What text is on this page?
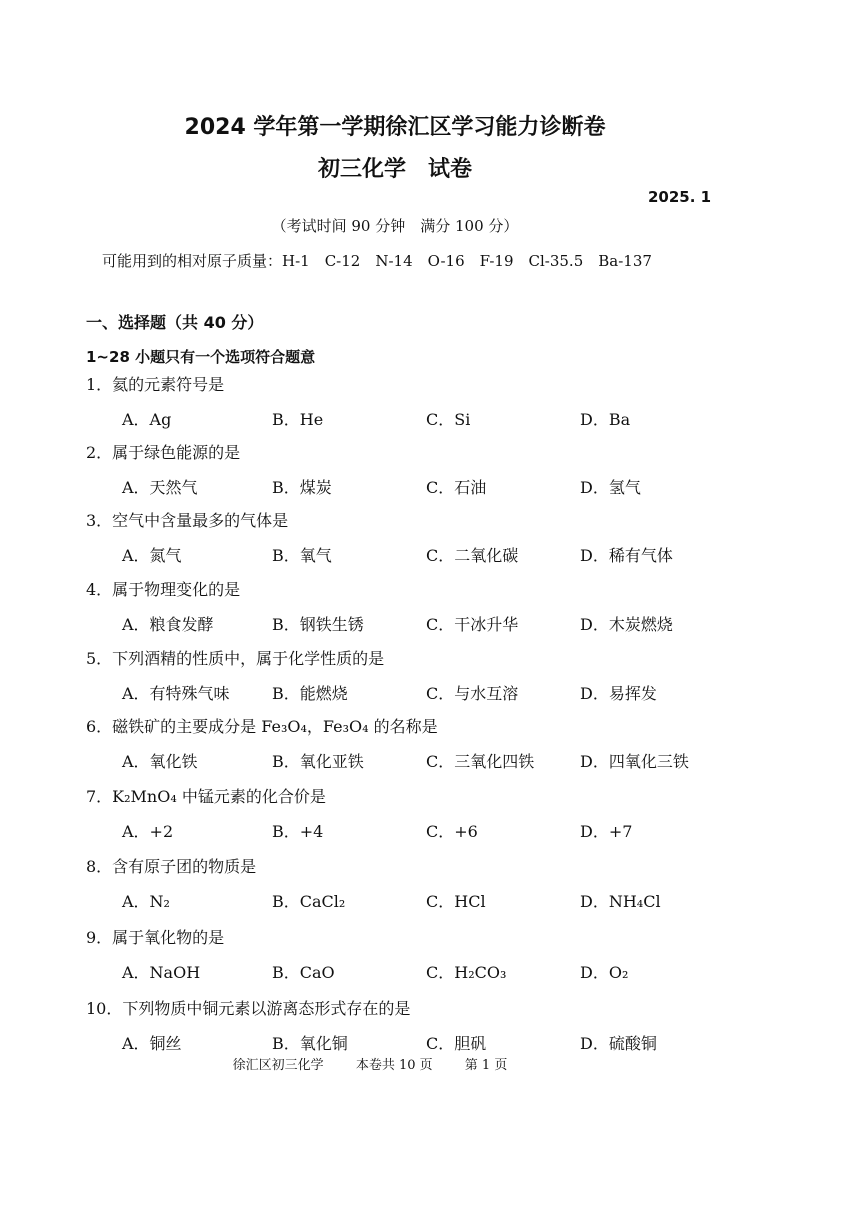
2024 学年第一学期徐汇区学习能力诊断卷
初三化学　试卷
2025. 1
（考试时间 90 分钟　满分 100 分）
可能用到的相对原子质量：H-1　C-12　N-14　O-16　F-19　Cl-35.5　Ba-137
一、选择题（共 40 分）
1~28 小题只有一个选项符合题意
1．氦的元素符号是
A．Ag	B．He	C．Si	D．Ba
2．属于绿色能源的是
A．天然气	B．煤炭	C．石油	D．氢气
3．空气中含量最多的气体是
A．氮气	B．氧气	C．二氧化碳	D．稀有气体
4．属于物理变化的是
A．粮食发酵	B．钢铁生锈	C．干冰升华	D．木炭燃烧
5．下列酒精的性质中，属于化学性质的是
A．有特殊气味	B．能燃烧	C．与水互溶	D．易挥发
6．磁铁矿的主要成分是 Fe₃O₄，Fe₃O₄ 的名称是
A．氧化铁	B．氧化亚铁	C．三氧化四铁	D．四氧化三铁
7．K₂MnO₄ 中锰元素的化合价是
A．+2	B．+4	C．+6	D．+7
8．含有原子团的物质是
A．N₂	B．CaCl₂	C．HCl	D．NH₄Cl
9．属于氧化物的是
A．NaOH	B．CaO	C．H₂CO₃	D．O₂
10．下列物质中铜元素以游离态形式存在的是
A．铜丝	B．氧化铜	C．胆矾	D．硫酸铜
徐汇区初三化学 本卷共 10 页 第 1 页
